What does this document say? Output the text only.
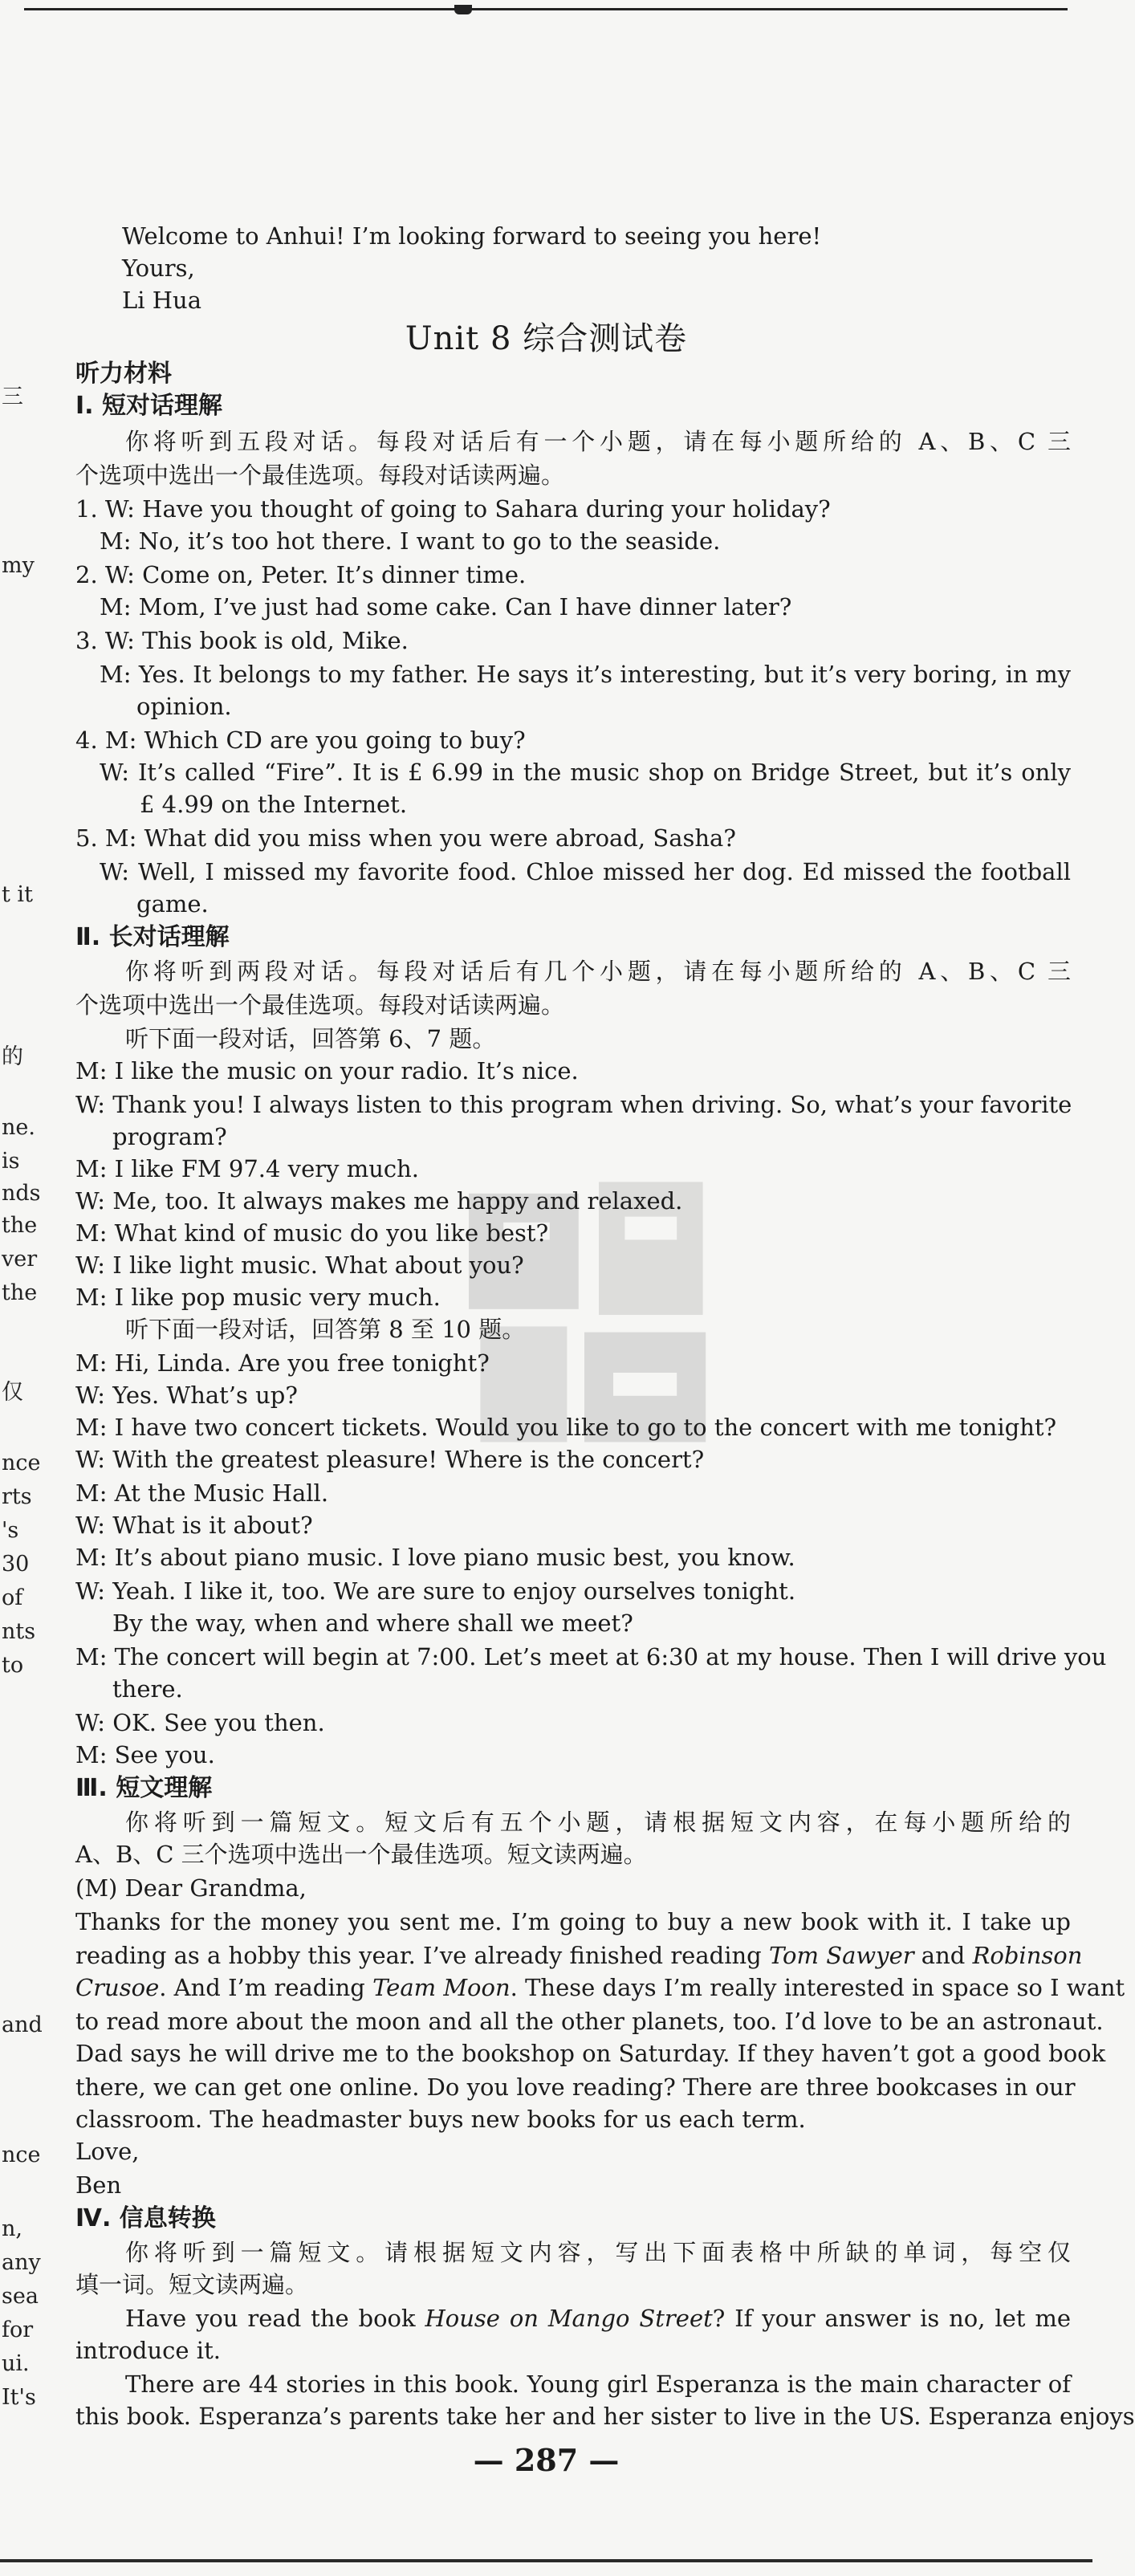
三
my
t it
的
ne.
is
nds
the
ver
the
仅
nce
rts
's
30
of
nts
to
and
nce
n,
any
sea
for
ui.
It's
Welcome to Anhui! I’m looking forward to seeing you here!
Yours,
Li Hua
Unit 8 综合测试卷
听力材料
Ⅰ. 短对话理解
你将听到五段对话。每段对话后有一个小题，请在每小题所给的 A、B、C 三
个选项中选出一个最佳选项。每段对话读两遍。
1. W: Have you thought of going to Sahara during your holiday?
M: No, it’s too hot there. I want to go to the seaside.
2. W: Come on, Peter. It’s dinner time.
M: Mom, I’ve just had some cake. Can I have dinner later?
3. W: This book is old, Mike.
M: Yes. It belongs to my father. He says it’s interesting, but it’s very boring, in my
opinion.
4. M: Which CD are you going to buy?
W: It’s called “Fire”. It is £ 6.99 in the music shop on Bridge Street, but it’s only
£ 4.99 on the Internet.
5. M: What did you miss when you were abroad, Sasha?
W: Well, I missed my favorite food. Chloe missed her dog. Ed missed the football
game.
Ⅱ. 长对话理解
你将听到两段对话。每段对话后有几个小题，请在每小题所给的 A、B、C 三
个选项中选出一个最佳选项。每段对话读两遍。
听下面一段对话，回答第 6、7 题。
M: I like the music on your radio. It’s nice.
W: Thank you! I always listen to this program when driving. So, what’s your favorite
program?
M: I like FM 97.4 very much.
W: Me, too. It always makes me happy and relaxed.
M: What kind of music do you like best?
W: I like light music. What about you?
M: I like pop music very much.
听下面一段对话，回答第 8 至 10 题。
M: Hi, Linda. Are you free tonight?
W: Yes. What’s up?
M: I have two concert tickets. Would you like to go to the concert with me tonight?
W: With the greatest pleasure! Where is the concert?
M: At the Music Hall.
W: What is it about?
M: It’s about piano music. I love piano music best, you know.
W: Yeah. I like it, too. We are sure to enjoy ourselves tonight.
By the way, when and where shall we meet?
M: The concert will begin at 7:00. Let’s meet at 6:30 at my house. Then I will drive you
there.
W: OK. See you then.
M: See you.
Ⅲ. 短文理解
你将听到一篇短文。短文后有五个小题，请根据短文内容，在每小题所给的
A、B、C 三个选项中选出一个最佳选项。短文读两遍。
(M) Dear Grandma,
Thanks for the money you sent me. I’m going to buy a new book with it. I take up
reading as a hobby this year. I’ve already finished reading Tom Sawyer and Robinson
Crusoe. And I’m reading Team Moon. These days I’m really interested in space so I want
to read more about the moon and all the other planets, too. I’d love to be an astronaut.
Dad says he will drive me to the bookshop on Saturday. If they haven’t got a good book
there, we can get one online. Do you love reading? There are three bookcases in our
classroom. The headmaster buys new books for us each term.
Love,
Ben
Ⅳ. 信息转换
你将听到一篇短文。请根据短文内容，写出下面表格中所缺的单词，每空仅
填一词。短文读两遍。
Have you read the book House on Mango Street? If your answer is no, let me
introduce it.
There are 44 stories in this book. Young girl Esperanza is the main character of
this book. Esperanza’s parents take her and her sister to live in the US. Esperanza enjoys
— 287 —
